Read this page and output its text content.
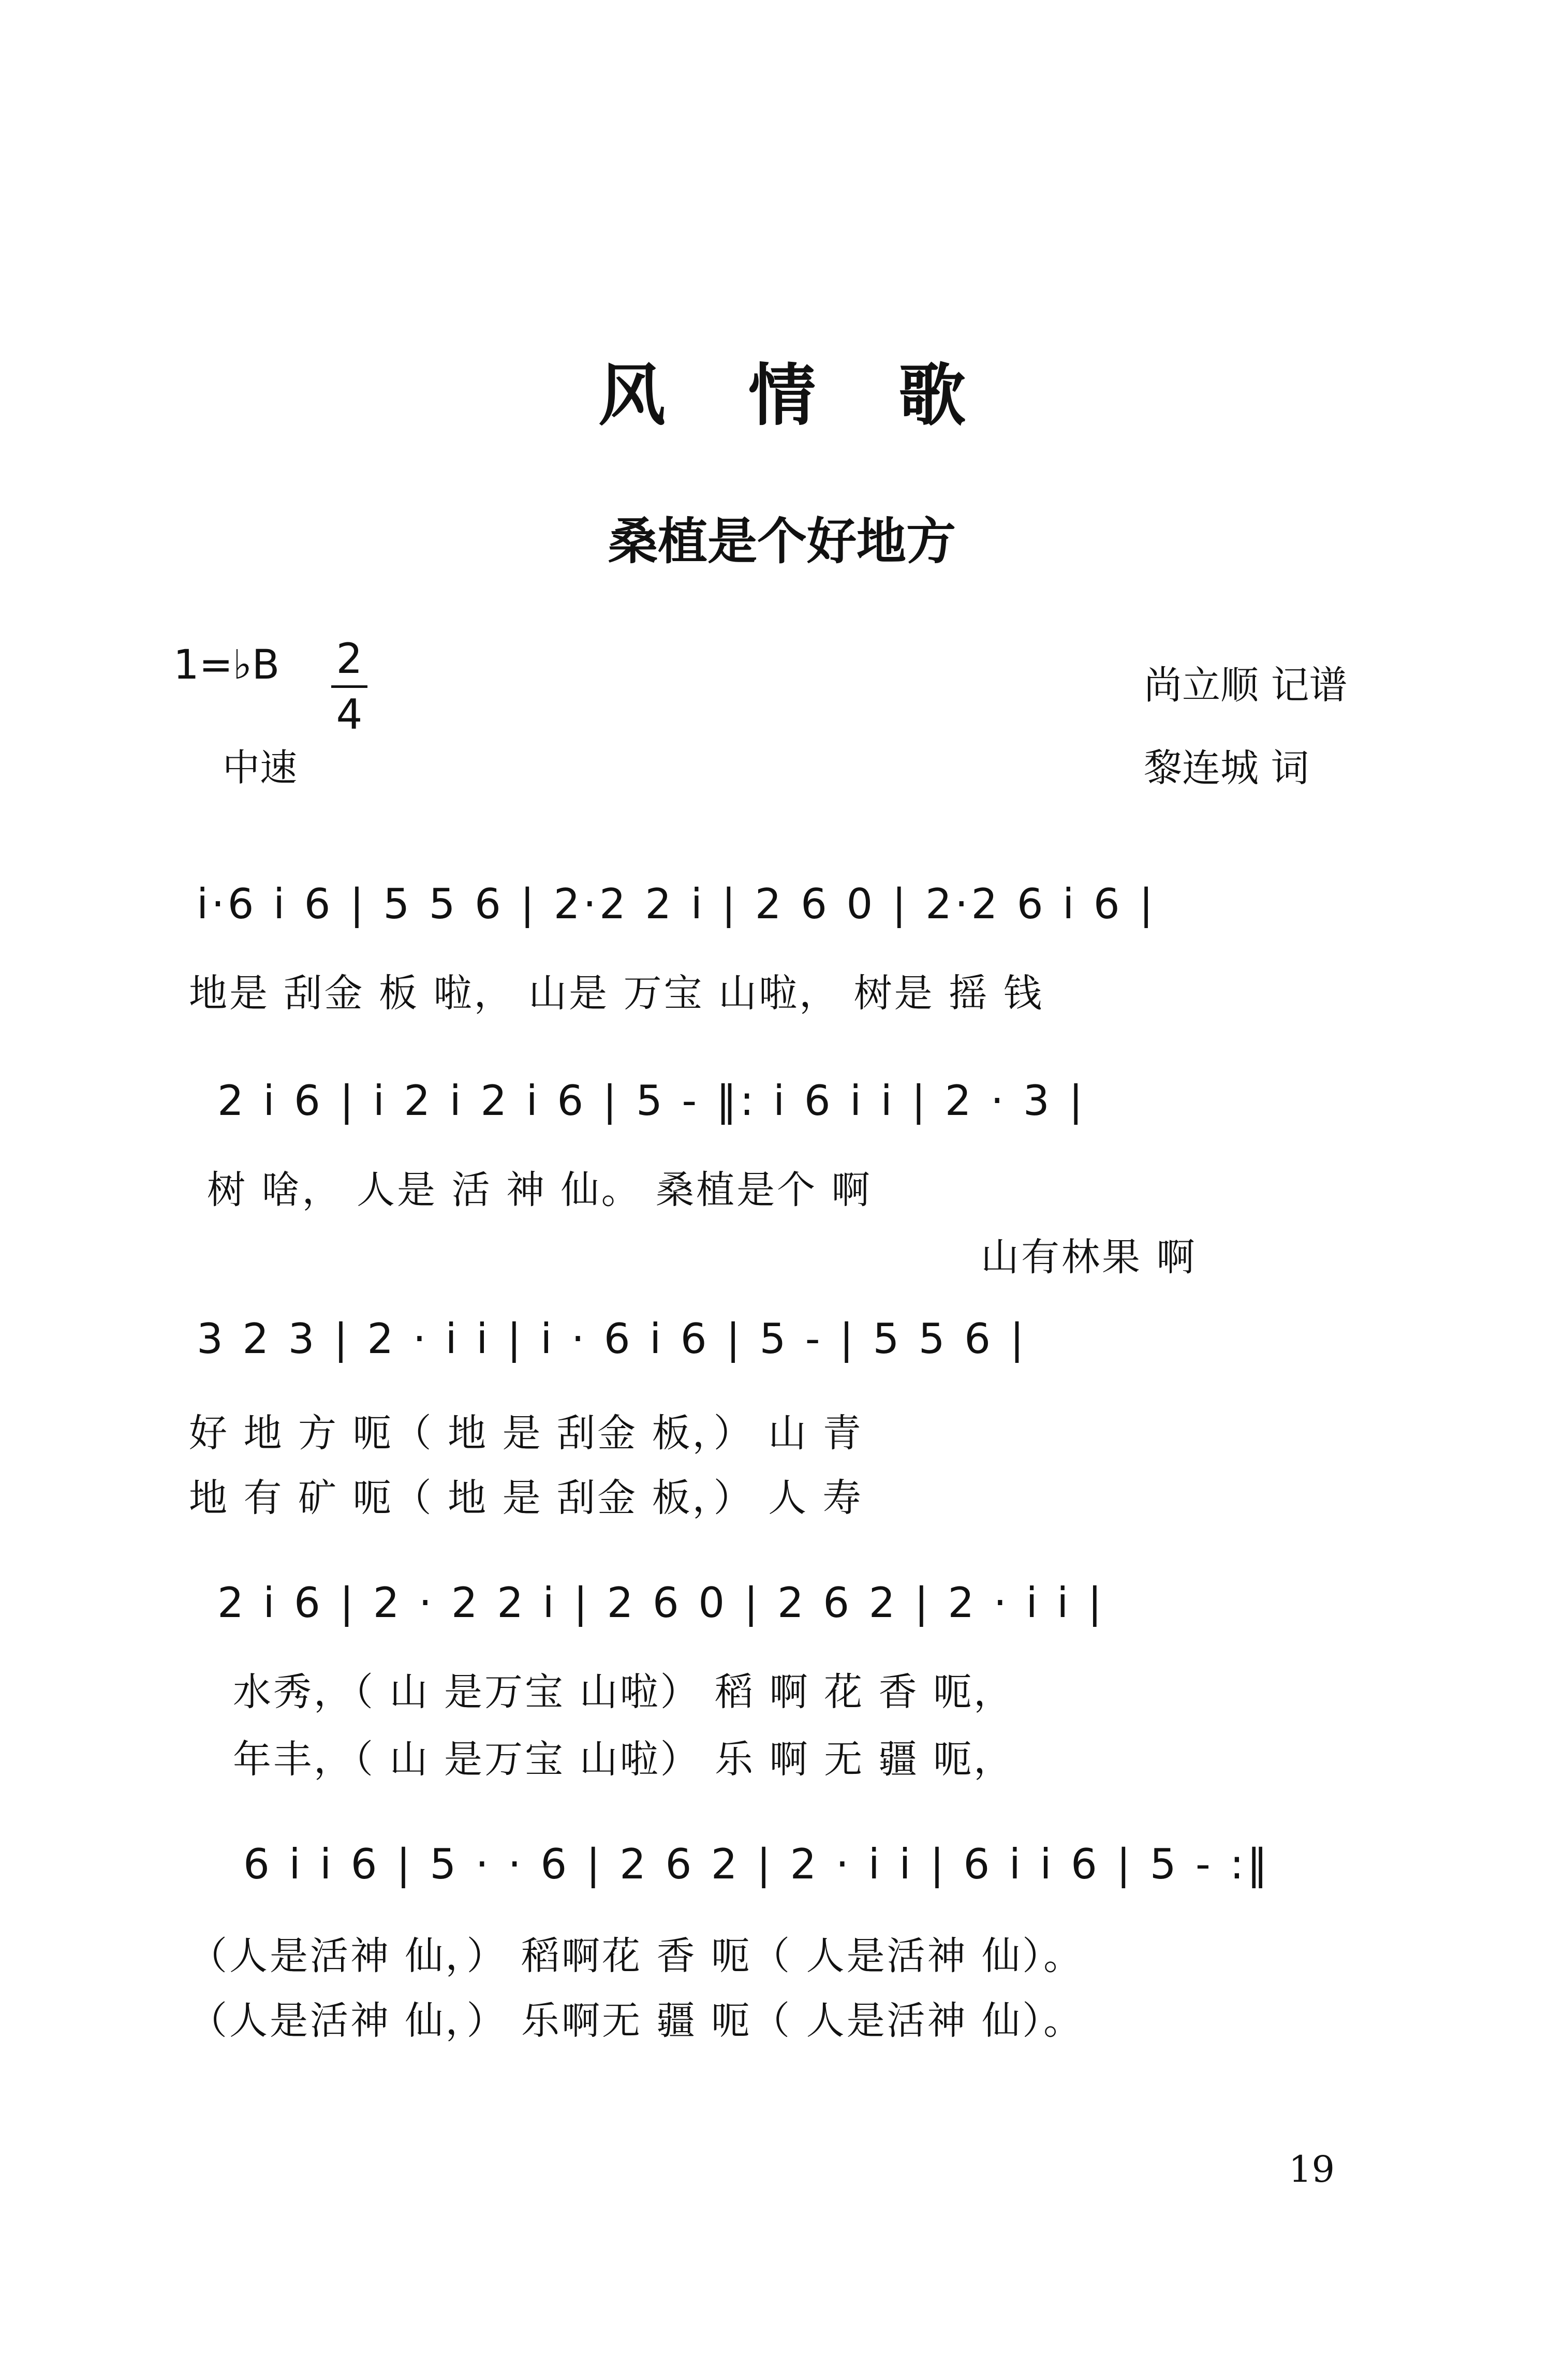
风情歌
桑植是个好地方
1=♭B 2
4
中速
尚立顺 记谱
黎连城 词
i·6 i 6 | 5 5 6 | 2·2 2 i | 2 6 0 | 2·2 6 i 6 |
地是 刮金 板 啦， 山是 万宝 山啦， 树是 摇 钱
2 i 6 | i 2 i 2 i 6 | 5 - ‖: i 6 i i | 2 · 3 |
树 啥， 人是 活 神 仙。 桑植是个 啊
山有林果 啊
3 2 3 | 2 · i i | i · 6 i 6 | 5 - | 5 5 6 |
好 地 方 呃（ 地 是 刮金 板，） 山 青
地 有 矿 呃（ 地 是 刮金 板，） 人 寿
2 i 6 | 2 · 2 2 i | 2 6 0 | 2 6 2 | 2 · i i |
水秀，（ 山 是万宝 山啦） 稻 啊 花 香 呃，
年丰，（ 山 是万宝 山啦） 乐 啊 无 疆 呃，
6 i i 6 | 5 · · 6 | 2 6 2 | 2 · i i | 6 i i 6 | 5 - :‖
（人是活神 仙，） 稻啊花 香 呃（ 人是活神 仙）。
（人是活神 仙，） 乐啊无 疆 呃（ 人是活神 仙）。
19
